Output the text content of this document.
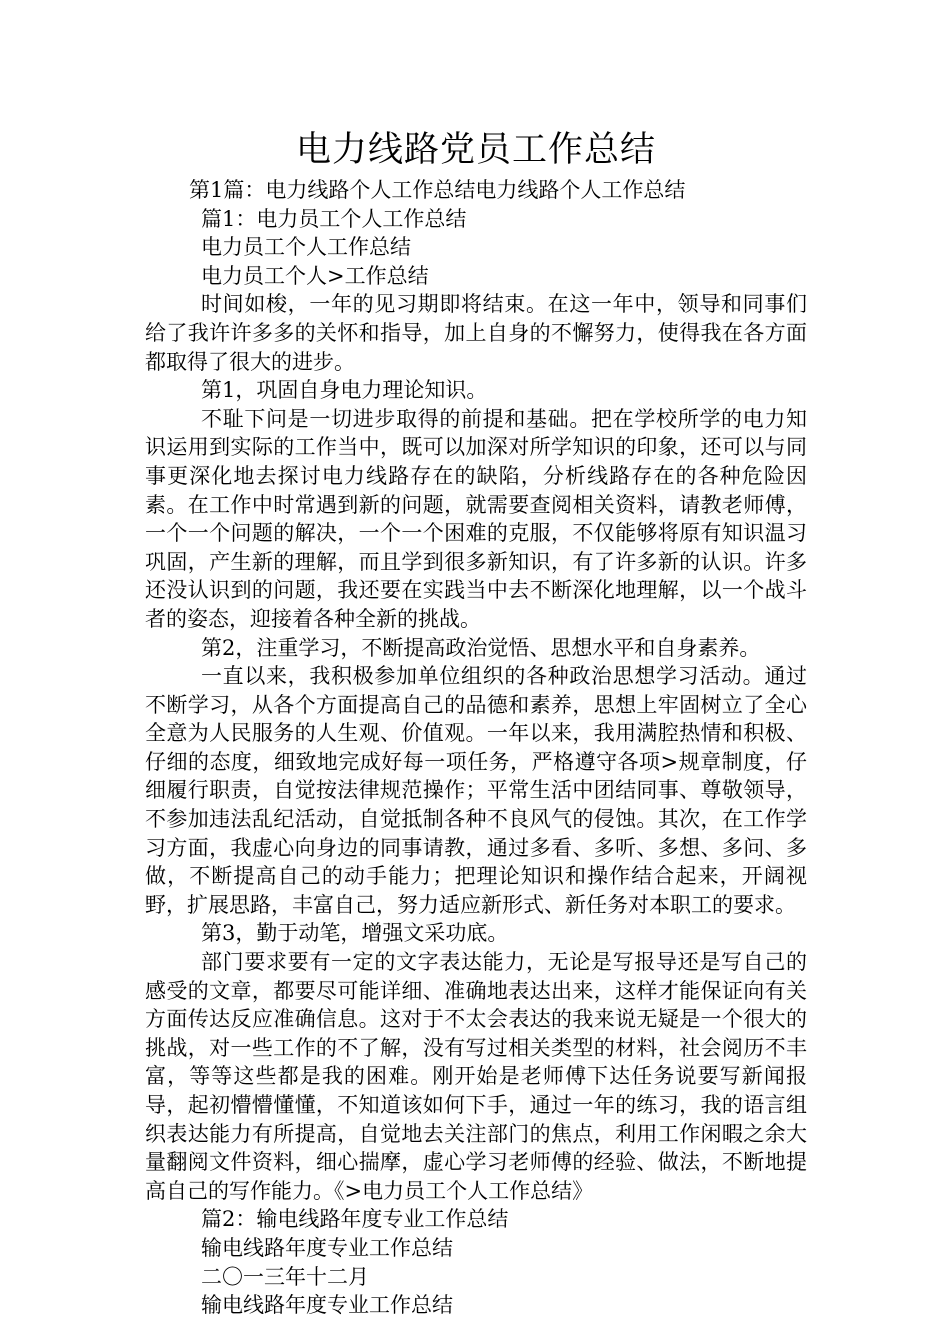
电力线路党员工作总结

第1篇：电力线路个人工作总结电力线路个人工作总结

篇1：电力员工个人工作总结

电力员工个人工作总结

电力员工个人>工作总结

时间如梭，一年的见习期即将结束。在这一年中，领导和同事们给了我许许多多的关怀和指导，加上自身的不懈努力，使得我在各方面都取得了很大的进步。

第1，巩固自身电力理论知识。

不耻下问是一切进步取得的前提和基础。把在学校所学的电力知识运用到实际的工作当中，既可以加深对所学知识的印象，还可以与同事更深化地去探讨电力线路存在的缺陷，分析线路存在的各种危险因素。在工作中时常遇到新的问题，就需要查阅相关资料，请教老师傅，一个一个问题的解决，一个一个困难的克服，不仅能够将原有知识温习巩固，产生新的理解，而且学到很多新知识，有了许多新的认识。许多还没认识到的问题，我还要在实践当中去不断深化地理解，以一个战斗者的姿态，迎接着各种全新的挑战。

第2，注重学习，不断提高政治觉悟、思想水平和自身素养。

一直以来，我积极参加单位组织的各种政治思想学习活动。通过不断学习，从各个方面提高自己的品德和素养，思想上牢固树立了全心全意为人民服务的人生观、价值观。一年以来，我用满腔热情和积极、仔细的态度，细致地完成好每一项任务，严格遵守各项>规章制度，仔细履行职责，自觉按法律规范操作；平常生活中团结同事、尊敬领导，不参加违法乱纪活动，自觉抵制各种不良风气的侵蚀。其次，在工作学习方面，我虚心向身边的同事请教，通过多看、多听、多想、多问、多做，不断提高自己的动手能力；把理论知识和操作结合起来，开阔视野，扩展思路，丰富自己，努力适应新形式、新任务对本职工的要求。

第3，勤于动笔，增强文采功底。

部门要求要有一定的文字表达能力，无论是写报导还是写自己的感受的文章，都要尽可能详细、准确地表达出来，这样才能保证向有关方面传达反应准确信息。这对于不太会表达的我来说无疑是一个很大的挑战，对一些工作的不了解，没有写过相关类型的材料，社会阅历不丰富，等等这些都是我的困难。刚开始是老师傅下达任务说要写新闻报导，起初懵懵懂懂，不知道该如何下手，通过一年的练习，我的语言组织表达能力有所提高，自觉地去关注部门的焦点，利用工作闲暇之余大量翻阅文件资料，细心揣摩，虚心学习老师傅的经验、做法，不断地提高自己的写作能力。《>电力员工个人工作总结》

篇2：输电线路年度专业工作总结

输电线路年度专业工作总结

二〇一三年十二月

输电线路年度专业工作总结
